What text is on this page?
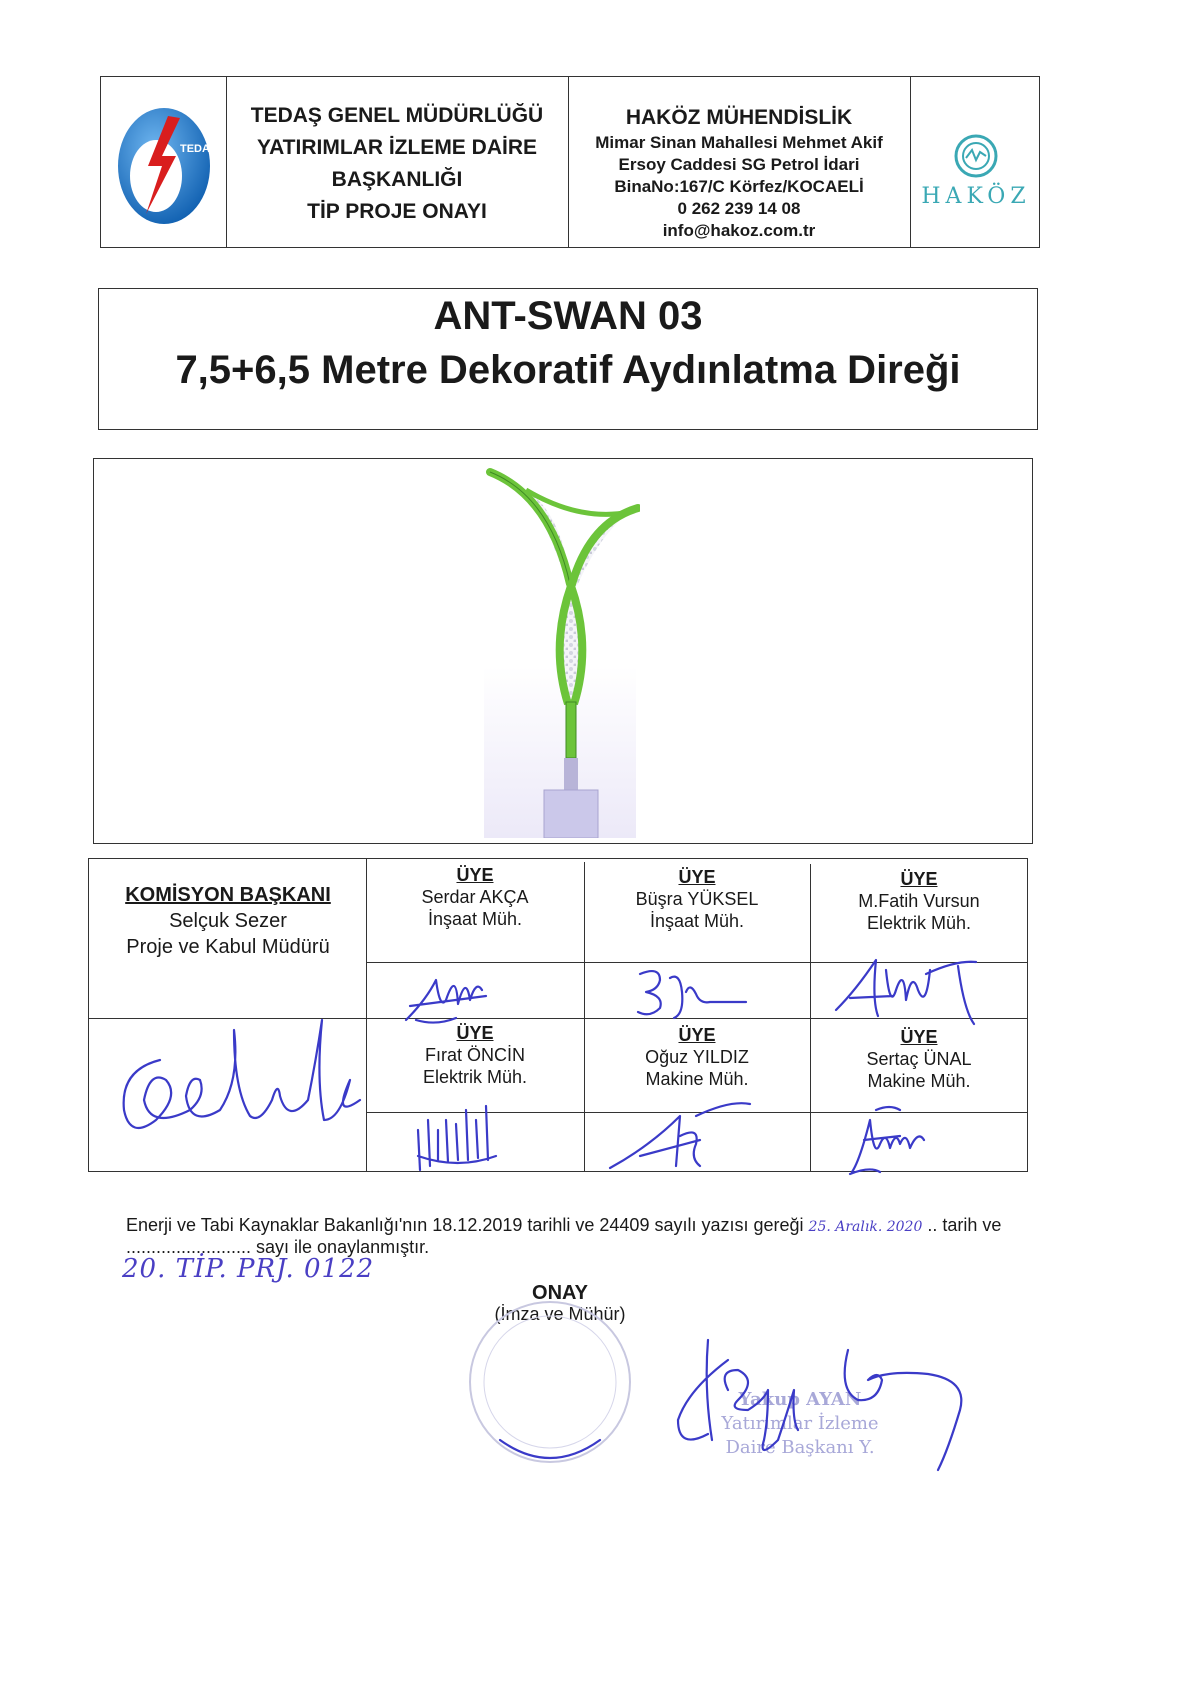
TEDAŞ
TEDAŞ GENEL MÜDÜRLÜĞÜ
YATIRIMLAR İZLEME DAİRE
BAŞKANLIĞI
TİP PROJE ONAYI
HAKÖZ MÜHENDİSLİK
Mimar Sinan Mahallesi Mehmet Akif
Ersoy Caddesi SG Petrol İdari
BinaNo:167/C Körfez/KOCAELİ
0 262 239 14 08
info@hakoz.com.tr
HAKÖZ
ANT-SWAN 03
7,5+6,5 Metre Dekoratif Aydınlatma Direği
KOMİSYON BAŞKANI
Selçuk Sezer
Proje ve Kabul Müdürü
ÜYE
Serdar AKÇA
İnşaat Müh.
ÜYE
Büşra YÜKSEL
İnşaat Müh.
ÜYE
M.Fatih Vursun
Elektrik Müh.
ÜYE
Fırat ÖNCİN
Elektrik Müh.
ÜYE
Oğuz YILDIZ
Makine Müh.
ÜYE
Sertaç ÜNAL
Makine Müh.
Enerji ve Tabi Kaynaklar Bakanlığı'nın 18.12.2019 tarihli ve 24409 sayılı yazısı gereği 25. Aralık. 2020 .. tarih ve
......................... sayı ile onaylanmıştır.
20. TİP. PRJ. 0122
ONAY
(İmza ve Mühür)
Yakup AYAN
Yatırımlar İzleme
Daire Başkanı Y.
